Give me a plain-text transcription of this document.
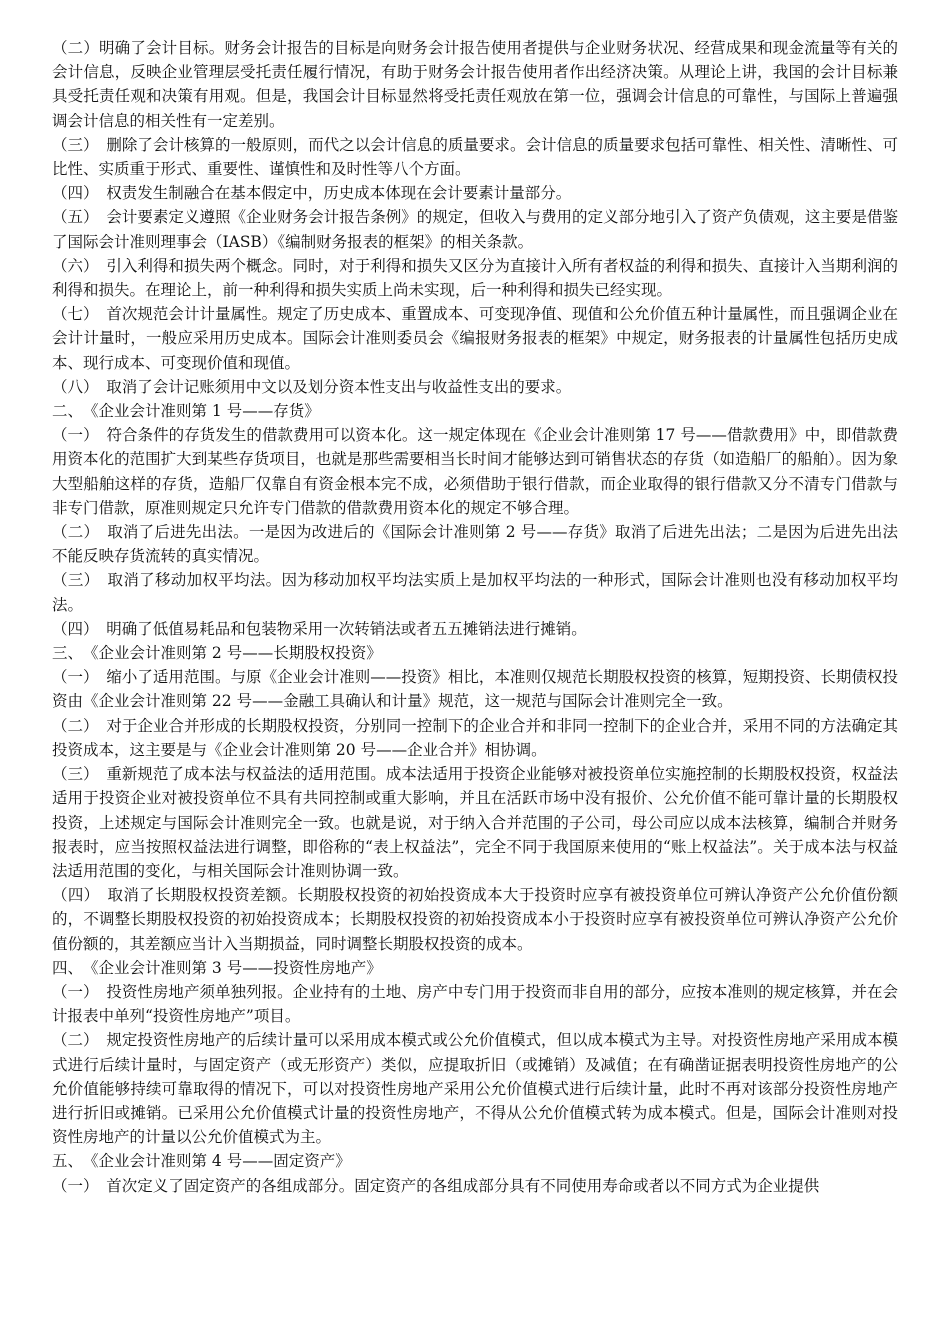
（二）明确了会计目标。财务会计报告的目标是向财务会计报告使用者提供与企业财务状况、经营成果和现金流量等有关的会计信息，反映企业管理层受托责任履行情况，有助于财务会计报告使用者作出经济决策。从理论上讲，我国的会计目标兼具受托责任观和决策有用观。但是，我国会计目标显然将受托责任观放在第一位，强调会计信息的可靠性，与国际上普遍强调会计信息的相关性有一定差别。

（三）　删除了会计核算的一般原则，而代之以会计信息的质量要求。会计信息的质量要求包括可靠性、相关性、清晰性、可比性、实质重于形式、重要性、谨慎性和及时性等八个方面。

（四）　权责发生制融合在基本假定中，历史成本体现在会计要素计量部分。

（五）　会计要素定义遵照《企业财务会计报告条例》的规定，但收入与费用的定义部分地引入了资产负债观，这主要是借鉴了国际会计准则理事会（IASB）《编制财务报表的框架》的相关条款。

（六）　引入利得和损失两个概念。同时，对于利得和损失又区分为直接计入所有者权益的利得和损失、直接计入当期利润的利得和损失。在理论上，前一种利得和损失实质上尚未实现，后一种利得和损失已经实现。

（七）　首次规范会计计量属性。规定了历史成本、重置成本、可变现净值、现值和公允价值五种计量属性，而且强调企业在会计计量时，一般应采用历史成本。国际会计准则委员会《编报财务报表的框架》中规定，财务报表的计量属性包括历史成本、现行成本、可变现价值和现值。

（八）　取消了会计记账须用中文以及划分资本性支出与收益性支出的要求。

二、　《企业会计准则第 1 号——存货》

（一）　符合条件的存货发生的借款费用可以资本化。这一规定体现在《企业会计准则第 17 号——借款费用》中，即借款费用资本化的范围扩大到某些存货项目，也就是那些需要相当长时间才能够达到可销售状态的存货（如造船厂的船舶）。因为象大型船舶这样的存货，造船厂仅靠自有资金根本完不成，必须借助于银行借款，而企业取得的银行借款又分不清专门借款与非专门借款，原准则规定只允许专门借款的借款费用资本化的规定不够合理。

（二）　取消了后进先出法。一是因为改进后的《国际会计准则第 2 号——存货》取消了后进先出法；二是因为后进先出法不能反映存货流转的真实情况。

（三）　取消了移动加权平均法。因为移动加权平均法实质上是加权平均法的一种形式，国际会计准则也没有移动加权平均法。

（四）　明确了低值易耗品和包装物采用一次转销法或者五五摊销法进行摊销。

三、　《企业会计准则第 2 号——长期股权投资》

（一）　缩小了适用范围。与原《企业会计准则——投资》相比，本准则仅规范长期股权投资的核算，短期投资、长期债权投资由《企业会计准则第 22 号——金融工具确认和计量》规范，这一规范与国际会计准则完全一致。

（二）　对于企业合并形成的长期股权投资，分别同一控制下的企业合并和非同一控制下的企业合并，采用不同的方法确定其投资成本，这主要是与《企业会计准则第 20 号——企业合并》相协调。

（三）　重新规范了成本法与权益法的适用范围。成本法适用于投资企业能够对被投资单位实施控制的长期股权投资，权益法适用于投资企业对被投资单位不具有共同控制或重大影响，并且在活跃市场中没有报价、公允价值不能可靠计量的长期股权投资，上述规定与国际会计准则完全一致。也就是说，对于纳入合并范围的子公司，母公司应以成本法核算，编制合并财务报表时，应当按照权益法进行调整，即俗称的“表上权益法”，完全不同于我国原来使用的“账上权益法”。关于成本法与权益法适用范围的变化，与相关国际会计准则协调一致。

（四）　取消了长期股权投资差额。长期股权投资的初始投资成本大于投资时应享有被投资单位可辨认净资产公允价值份额的，不调整长期股权投资的初始投资成本；长期股权投资的初始投资成本小于投资时应享有被投资单位可辨认净资产公允价值份额的，其差额应当计入当期损益，同时调整长期股权投资的成本。

四、　《企业会计准则第 3 号——投资性房地产》

（一）　投资性房地产须单独列报。企业持有的土地、房产中专门用于投资而非自用的部分，应按本准则的规定核算，并在会计报表中单列“投资性房地产”项目。

（二）　规定投资性房地产的后续计量可以采用成本模式或公允价值模式，但以成本模式为主导。对投资性房地产采用成本模式进行后续计量时，与固定资产（或无形资产）类似，应提取折旧（或摊销）及减值；在有确凿证据表明投资性房地产的公允价值能够持续可靠取得的情况下，可以对投资性房地产采用公允价值模式进行后续计量，此时不再对该部分投资性房地产进行折旧或摊销。已采用公允价值模式计量的投资性房地产，不得从公允价值模式转为成本模式。但是，国际会计准则对投资性房地产的计量以公允价值模式为主。

五、　《企业会计准则第 4 号——固定资产》

（一）　首次定义了固定资产的各组成部分。固定资产的各组成部分具有不同使用寿命或者以不同方式为企业提供
